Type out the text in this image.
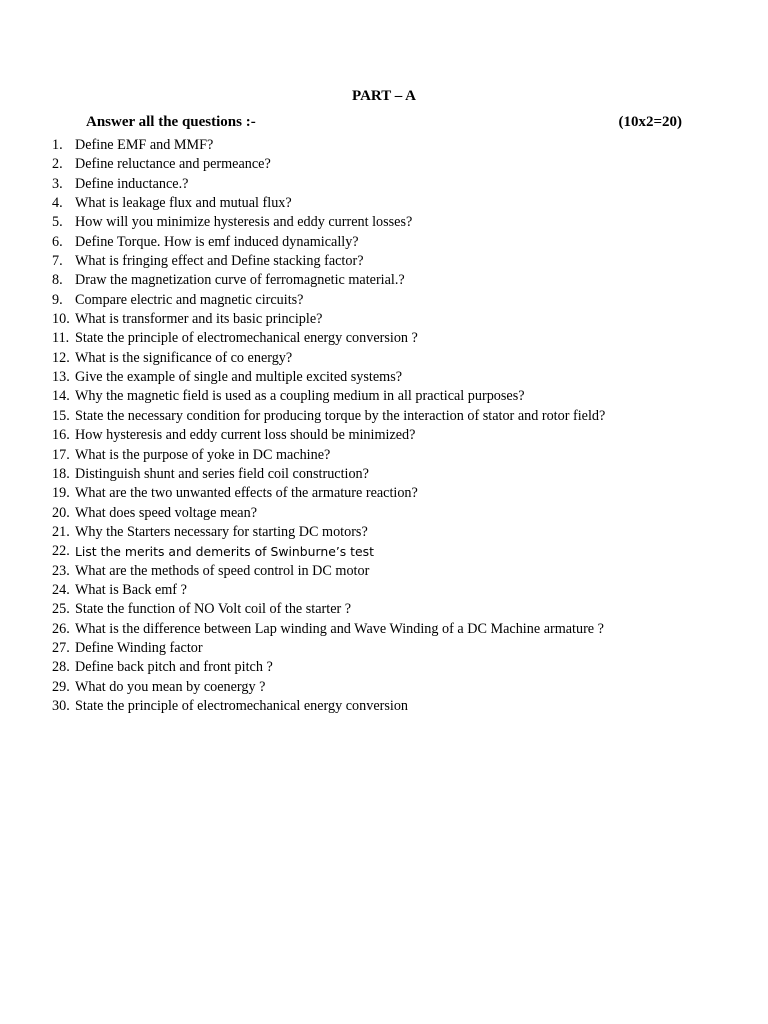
PART – A
Answer all the questions :-	(10x2=20)
1. Define EMF and MMF?
2. Define reluctance and permeance?
3. Define inductance.?
4. What is leakage flux and mutual flux?
5. How will you minimize hysteresis and eddy current losses?
6. Define Torque. How is emf induced dynamically?
7. What is fringing effect and Define stacking factor?
8. Draw the magnetization curve of ferromagnetic material.?
9. Compare electric and magnetic circuits?
10. What is transformer and its basic principle?
11. State the principle of electromechanical energy conversion ?
12. What is the significance of co energy?
13. Give the example of single and multiple excited systems?
14. Why the magnetic field is used as a coupling medium in all practical purposes?
15. State the necessary condition for producing torque by the interaction of stator and rotor field?
16. How hysteresis and eddy current loss should be minimized?
17. What is the purpose of yoke in DC machine?
18. Distinguish shunt and series field coil construction?
19. What are the two unwanted effects of the armature reaction?
20. What does speed voltage mean?
21. Why the Starters necessary for starting DC motors?
22. List the merits and demerits of Swinburne’s test
23. What are the methods of speed control in DC motor
24. What is Back emf ?
25. State the function of NO Volt coil of the starter ?
26. What is the difference between Lap winding and Wave Winding of a DC Machine armature ?
27. Define Winding factor
28. Define back pitch and front pitch ?
29. What do you mean by coenergy ?
30. State the principle of electromechanical energy conversion
